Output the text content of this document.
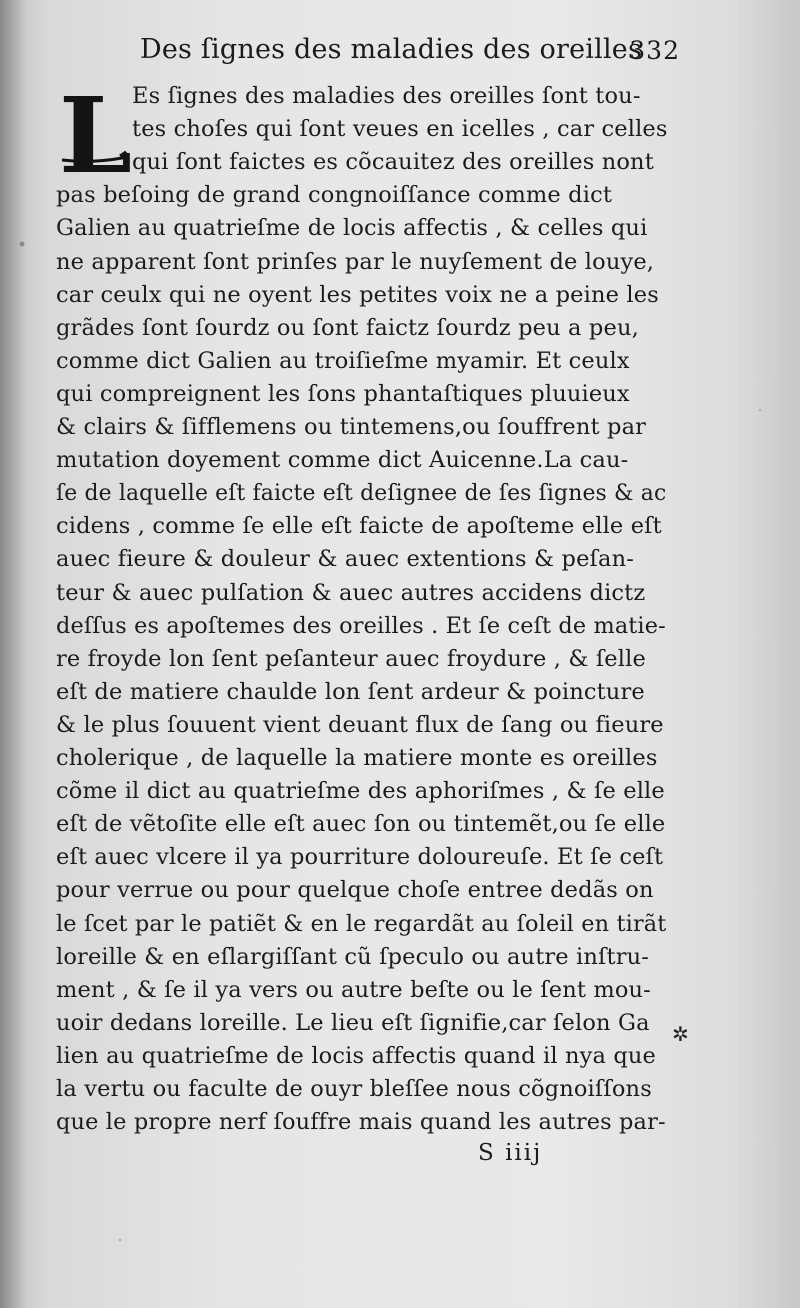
Des ſignes des maladies des oreilles
332
L Es ſignes des maladies des oreilles ſont tou-
tes choſes qui ſont veues en icelles , car celles
qui ſont faictes es cõcauitez des oreilles nont
pas beſoing de grand congnoiſſance comme dict
Galien au quatrieſme de locis affectis , & celles qui
ne apparent ſont prinſes par le nuyſement de louye,
car ceulx qui ne oyent les petites voix ne a peine les
grãdes ſont ſourdz ou ſont faictz ſourdz peu a peu,
comme dict Galien au troiſieſme myamir. Et ceulx
qui compreignent les ſons phantaſtiques pluuieux
& clairs & ſifflemens ou tintemens,ou ſouffrent par
mutation doyement comme dict Auicenne.La cau-
ſe de laquelle eſt faicte eſt deſignee de ſes ſignes & ac
cidens , comme ſe elle eſt faicte de apoſteme elle eſt
auec fieure & douleur & auec extentions & peſan-
teur & auec pulſation & auec autres accidens dictz
deſſus es apoſtemes des oreilles . Et ſe ceſt de matie-
re froyde lon ſent peſanteur auec froydure , & ſelle
eſt de matiere chaulde lon ſent ardeur & poincture
& le plus ſouuent vient deuant flux de ſang ou fieure
cholerique , de laquelle la matiere monte es oreilles
cõme il dict au quatrieſme des aphoriſmes , & ſe elle
eſt de vẽtoſite elle eſt auec ſon ou tintemẽt,ou ſe elle
eſt auec vlcere il ya pourriture doloureuſe. Et ſe ceſt
pour verrue ou pour quelque choſe entree dedãs on
le ſcet par le patiẽt & en le regardãt au ſoleil en tirãt
loreille & en eſlargiſſant cũ ſpeculo ou autre inſtru-
ment , & ſe il ya vers ou autre beſte ou le ſent mou-
uoir dedans loreille. Le lieu eſt ſignifie,car ſelon Ga
lien au quatrieſme de locis affectis quand il nya que
la vertu ou faculte de ouyr bleſſee nous cõgnoiſſons
que le propre nerf ſouffre mais quand les autres par-
✲
S iiij
